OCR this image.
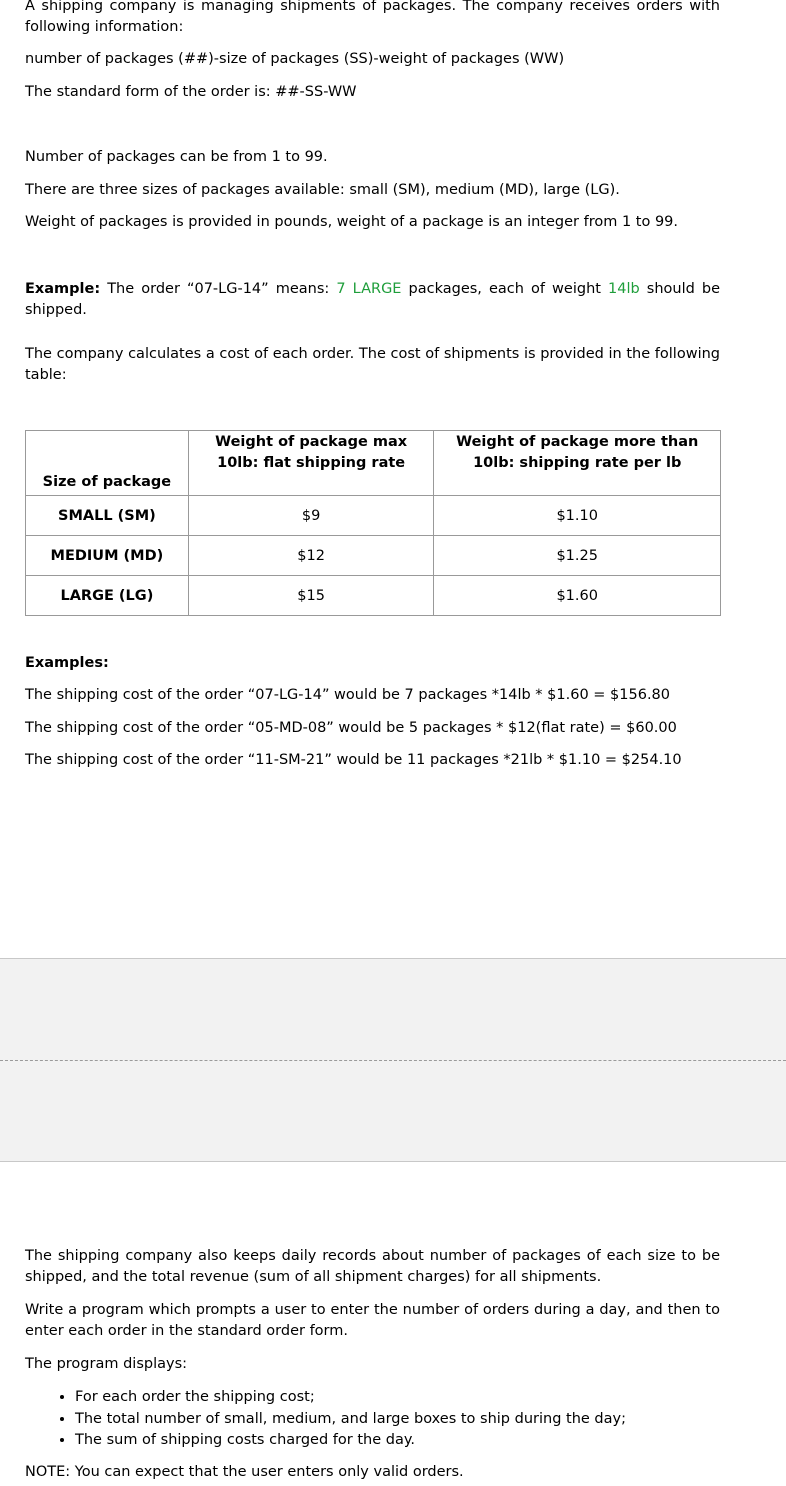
A shipping company is managing shipments of packages. The company receives orders with following information:

number of packages (##)-size of packages (SS)-weight of packages (WW)

The standard form of the order is: ##-SS-WW

Number of packages can be from 1 to 99.

There are three sizes of packages available: small (SM), medium (MD), large (LG).

Weight of packages is provided in pounds, weight of a package is an integer from 1 to 99.

Example: The order “07-LG-14” means: 7 LARGE packages, each of weight 14lb should be shipped.

The company calculates a cost of each order. The cost of shipments is provided in the following table:

Size of package	Weight of package max 10lb: flat shipping rate	Weight of package more than 10lb: shipping rate per lb
SMALL (SM)	$9	$1.10
MEDIUM (MD)	$12	$1.25
LARGE (LG)	$15	$1.60

Examples:

The shipping cost of the order “07-LG-14” would be 7 packages *14lb * $1.60 = $156.80

The shipping cost of the order “05-MD-08” would be 5 packages * $12(flat rate) = $60.00

The shipping cost of the order “11-SM-21” would be 11 packages *21lb * $1.10 = $254.10

The shipping company also keeps daily records about number of packages of each size to be shipped, and the total revenue (sum of all shipment charges) for all shipments.

Write a program which prompts a user to enter the number of orders during a day, and then to enter each order in the standard order form.

The program displays:

• For each order the shipping cost;
• The total number of small, medium, and large boxes to ship during the day;
• The sum of shipping costs charged for the day.

NOTE: You can expect that the user enters only valid orders.
